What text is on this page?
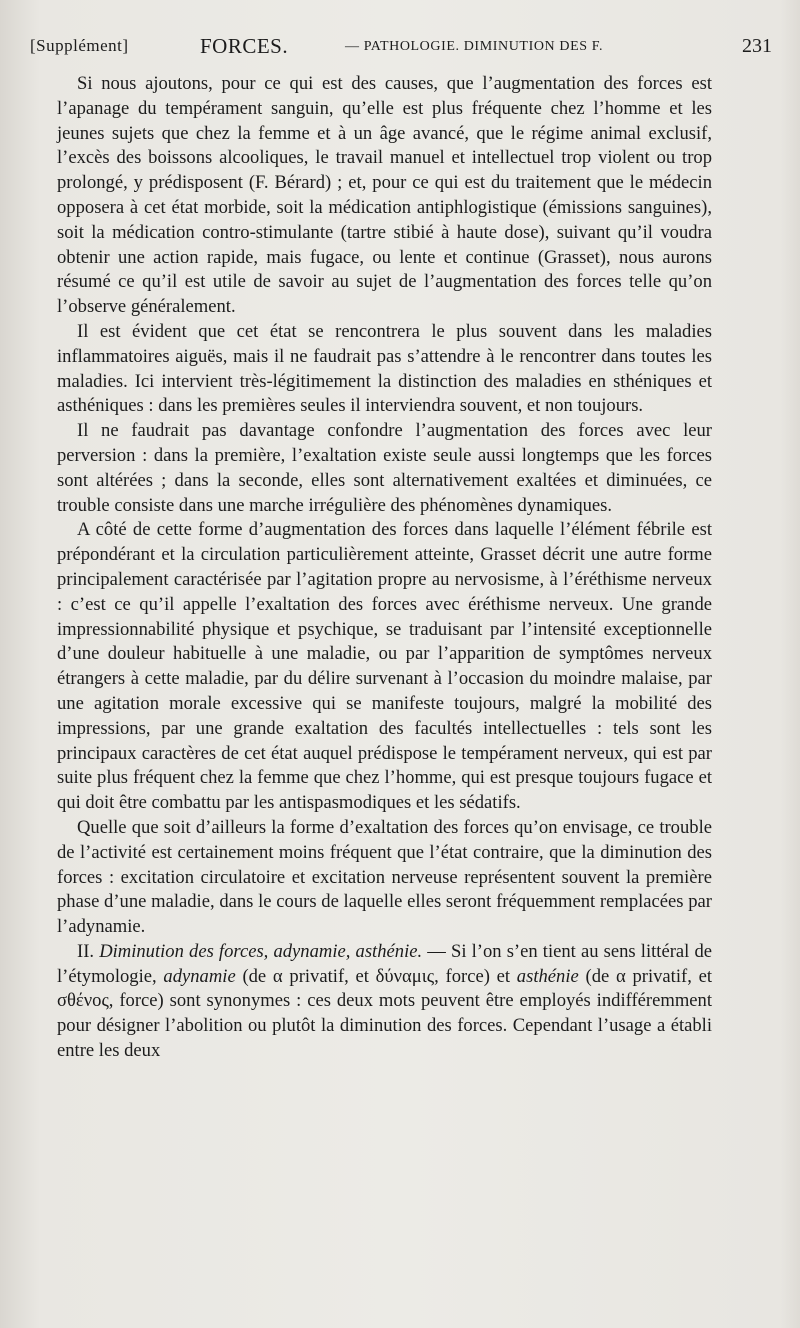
[Supplément]	FORCES.	— PATHOLOGIE. DIMINUTION DES F.	231

Si nous ajoutons, pour ce qui est des causes, que l’augmentation des forces est l’apanage du tempérament sanguin, qu’elle est plus fréquente chez l’homme et les jeunes sujets que chez la femme et à un âge avancé, que le régime animal exclusif, l’excès des boissons alcooliques, le travail manuel et intellectuel trop violent ou trop prolongé, y prédisposent (F. Bérard) ; et, pour ce qui est du traitement que le médecin opposera à cet état morbide, soit la médication antiphlogistique (émissions sanguines), soit la médication contro-stimulante (tartre stibié à haute dose), suivant qu’il voudra obtenir une action rapide, mais fugace, ou lente et continue (Grasset), nous aurons résumé ce qu’il est utile de savoir au sujet de l’augmentation des forces telle qu’on l’observe généralement.

Il est évident que cet état se rencontrera le plus souvent dans les maladies inflammatoires aiguës, mais il ne faudrait pas s’attendre à le rencontrer dans toutes les maladies. Ici intervient très-légitimement la distinction des maladies en sthéniques et asthéniques : dans les premières seules il interviendra souvent, et non toujours.

Il ne faudrait pas davantage confondre l’augmentation des forces avec leur perversion : dans la première, l’exaltation existe seule aussi longtemps que les forces sont altérées ; dans la seconde, elles sont alternativement exaltées et diminuées, ce trouble consiste dans une marche irrégulière des phénomènes dynamiques.

A côté de cette forme d’augmentation des forces dans laquelle l’élément fébrile est prépondérant et la circulation particulièrement atteinte, Grasset décrit une autre forme principalement caractérisée par l’agitation propre au nervosisme, à l’éréthisme nerveux : c’est ce qu’il appelle l’exaltation des forces avec éréthisme nerveux. Une grande impressionnabilité physique et psychique, se traduisant par l’intensité exceptionnelle d’une douleur habituelle à une maladie, ou par l’apparition de symptômes nerveux étrangers à cette maladie, par du délire survenant à l’occasion du moindre malaise, par une agitation morale excessive qui se manifeste toujours, malgré la mobilité des impressions, par une grande exaltation des facultés intellectuelles : tels sont les principaux caractères de cet état auquel prédispose le tempérament nerveux, qui est par suite plus fréquent chez la femme que chez l’homme, qui est presque toujours fugace et qui doit être combattu par les antispasmodiques et les sédatifs.

Quelle que soit d’ailleurs la forme d’exaltation des forces qu’on envisage, ce trouble de l’activité est certainement moins fréquent que l’état contraire, que la diminution des forces : excitation circulatoire et excitation nerveuse représentent souvent la première phase d’une maladie, dans le cours de laquelle elles seront fréquemment remplacées par l’adynamie.

II. Diminution des forces, adynamie, asthénie. — Si l’on s’en tient au sens littéral de l’étymologie, adynamie (de α privatif, et δύναμις, force) et asthénie (de α privatif, et σθένος, force) sont synonymes : ces deux mots peuvent être employés indifféremment pour désigner l’abolition ou plutôt la diminution des forces. Cependant l’usage a établi entre les deux
